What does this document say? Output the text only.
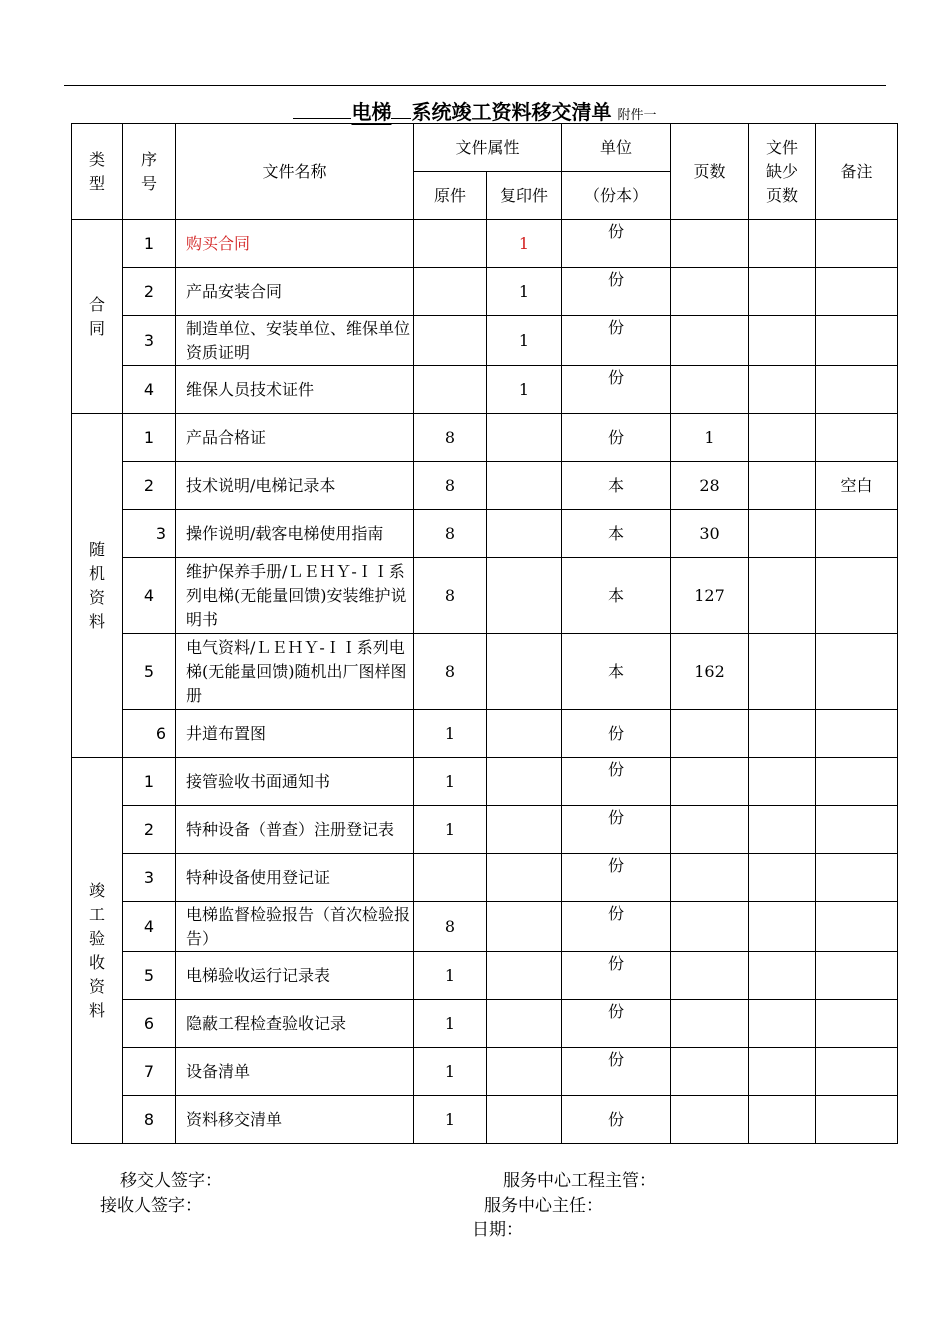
电梯 系统竣工资料移交清单 附件一
类型	序号	文件名称	文件属性		单位	页数	文件缺少页数	备注
			原件	复印件	（份本）			
合同	1	购买合同		1	份			
	2	产品安装合同		1	份			
	3	制造单位、安装单位、维保单位资质证明		1	份			
	4	维保人员技术证件		1	份			
随机资料	1	产品合格证	8		份	1		
	2	技术说明/电梯记录本	8		本	28		空白
	3	操作说明/载客电梯使用指南	8		本	30		
	4	维护保养手册/ＬＥＨＹ-ＩＩ系列电梯(无能量回馈)安装维护说明书	8		本	127		
	5	电气资料/ＬＥＨＹ-ＩＩ系列电梯(无能量回馈)随机出厂图样图册	8		本	162		
	6	井道布置图	1		份			
竣工验收资料	1	接管验收书面通知书	1		份			
	2	特种设备（普查）注册登记表	1		份			
	3	特种设备使用登记证			份			
	4	电梯监督检验报告（首次检验报告）	8		份			
	5	电梯验收运行记录表	1		份			
	6	隐蔽工程检查验收记录	1		份			
	7	设备清单	1		份			
	8	资料移交清单	1		份			
移交人签字：
接收人签字：
服务中心工程主管：
服务中心主任：
日期：
